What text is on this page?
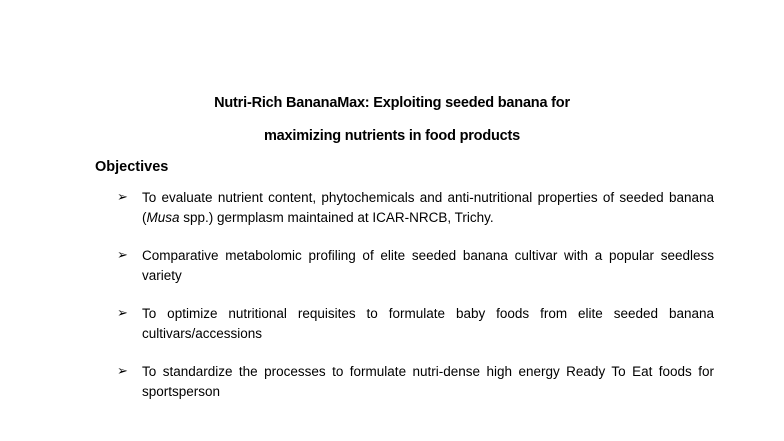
Nutri-Rich BananaMax: Exploiting seeded banana for
maximizing nutrients in food products
Objectives
➢ To evaluate nutrient content, phytochemicals and anti-nutritional properties of seeded banana (Musa spp.) germplasm maintained at ICAR-NRCB, Trichy.
➢ Comparative metabolomic profiling of elite seeded banana cultivar with a popular seedless variety
➢ To optimize nutritional requisites to formulate baby foods from elite seeded banana cultivars/accessions
➢ To standardize the processes to formulate nutri-dense high energy Ready To Eat foods for sportsperson
